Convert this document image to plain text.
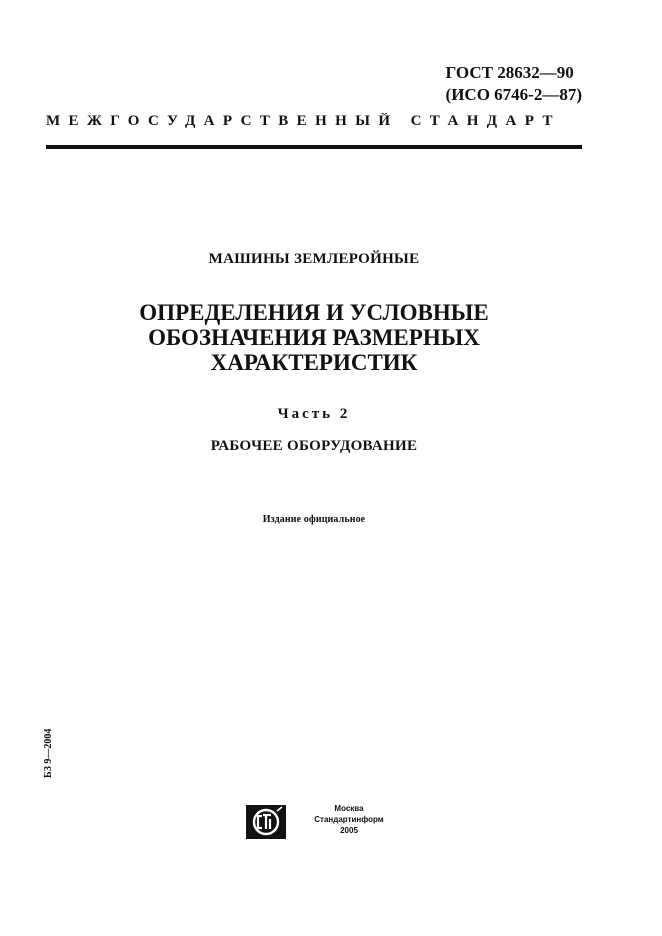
ГОСТ 28632—90
(ИСО 6746-2—87)
МЕЖГОСУДАРСТВЕННЫЙ СТАНДАРТ
МАШИНЫ ЗЕМЛЕРОЙНЫЕ
ОПРЕДЕЛЕНИЯ И УСЛОВНЫЕ
ОБОЗНАЧЕНИЯ РАЗМЕРНЫХ
ХАРАКТЕРИСТИК
Часть 2
РАБОЧЕЕ ОБОРУДОВАНИЕ
Издание официальное
БЗ 9—2004
Москва
Стандартинформ
2005
